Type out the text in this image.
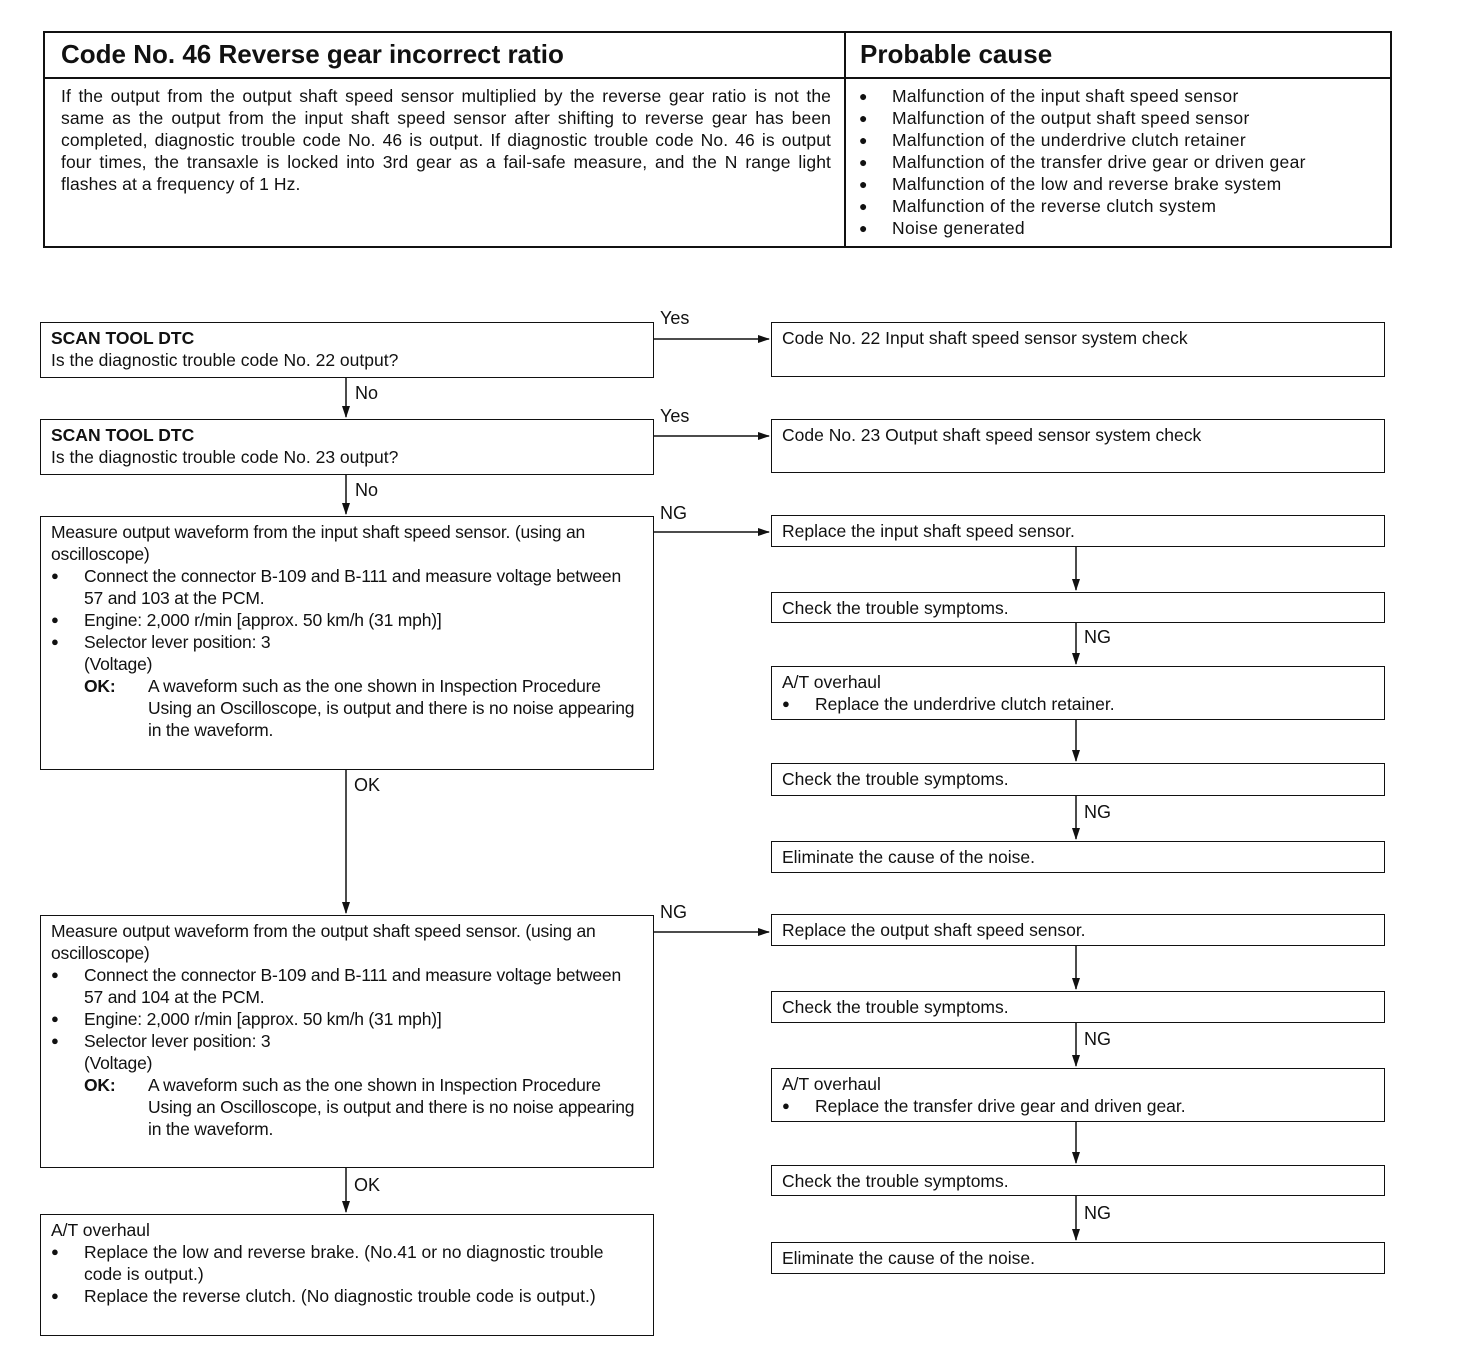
Code No. 46 Reverse gear incorrect ratio	Probable cause
If the output from the output shaft speed sensor multiplied by the reverse gear ratio is not the same as the output from the input shaft speed sensor after shifting to reverse gear has been completed, diagnostic trouble code No. 46 is output. If diagnostic trouble code No. 46 is output four times, the transaxle is locked into 3rd gear as a fail-safe measure, and the N range light flashes at a frequency of 1 Hz.
● Malfunction of the input shaft speed sensor
● Malfunction of the output shaft speed sensor
● Malfunction of the underdrive clutch retainer
● Malfunction of the transfer drive gear or driven gear
● Malfunction of the low and reverse brake system
● Malfunction of the reverse clutch system
● Noise generated
Yes
No
Yes
No
NG
OK
NG
OK
NG
NG
NG
NG
SCAN TOOL DTC
Is the diagnostic trouble code No. 22 output?
SCAN TOOL DTC
Is the diagnostic trouble code No. 23 output?
Measure output waveform from the input shaft speed sensor. (using an oscilloscope)
● Connect the connector B-109 and B-111 and measure voltage between 57 and 103 at the PCM.
● Engine: 2,000 r/min [approx. 50 km/h (31 mph)]
● Selector lever position: 3
(Voltage)
OK: A waveform such as the one shown in Inspection Procedure Using an Oscilloscope, is output and there is no noise appearing in the waveform.
Measure output waveform from the output shaft speed sensor. (using an oscilloscope)
● Connect the connector B-109 and B-111 and measure voltage between 57 and 104 at the PCM.
● Engine: 2,000 r/min [approx. 50 km/h (31 mph)]
● Selector lever position: 3
(Voltage)
OK: A waveform such as the one shown in Inspection Procedure Using an Oscilloscope, is output and there is no noise appearing in the waveform.
A/T overhaul
● Replace the low and reverse brake. (No.41 or no diagnostic trouble code is output.)
● Replace the reverse clutch. (No diagnostic trouble code is output.)
Code No. 22 Input shaft speed sensor system check
Code No. 23 Output shaft speed sensor system check
Replace the input shaft speed sensor.
Check the trouble symptoms.
A/T overhaul
● Replace the underdrive clutch retainer.
Check the trouble symptoms.
Eliminate the cause of the noise.
Replace the output shaft speed sensor.
Check the trouble symptoms.
A/T overhaul
● Replace the transfer drive gear and driven gear.
Check the trouble symptoms.
Eliminate the cause of the noise.
